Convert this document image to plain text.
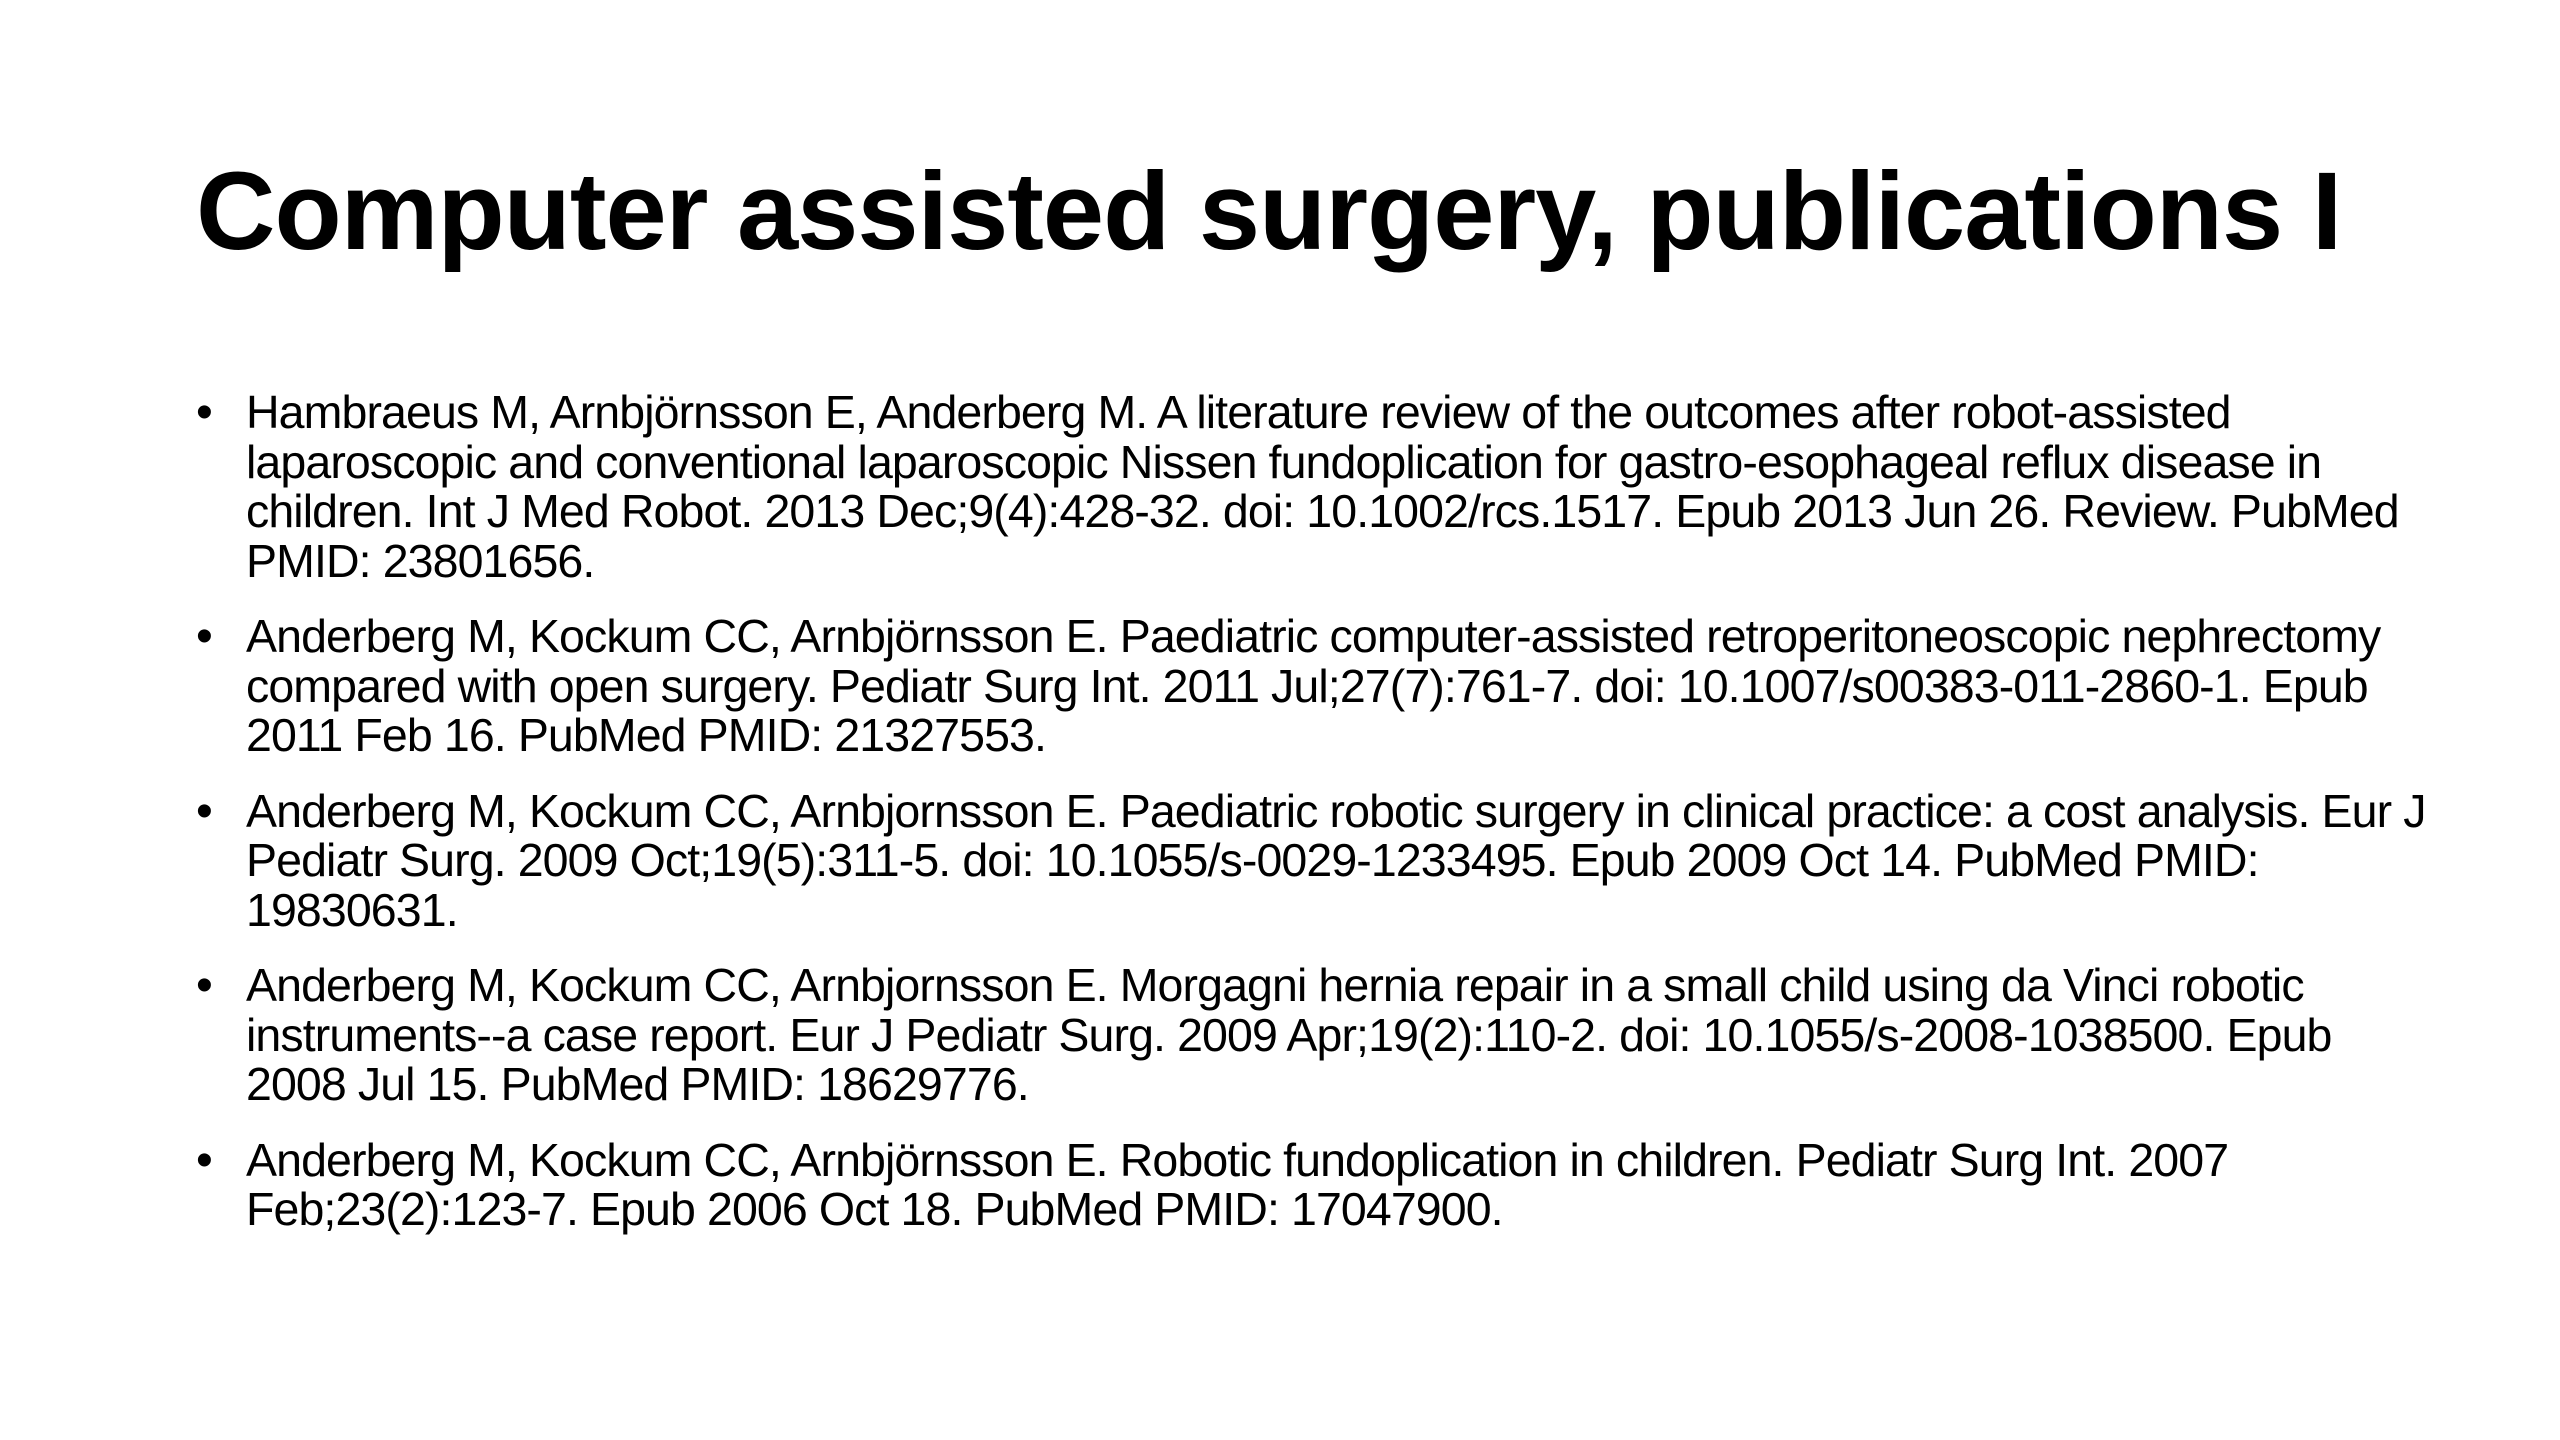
Computer assisted surgery, publications I
• Hambraeus M, Arnbjörnsson E, Anderberg M. A literature review of the outcomes after robot-assisted laparoscopic and conventional laparoscopic Nissen fundoplication for gastro-esophageal reflux disease in children. Int J Med Robot. 2013 Dec;9(4):428-32. doi: 10.1002/rcs.1517. Epub 2013 Jun 26. Review. PubMed PMID: 23801656.
• Anderberg M, Kockum CC, Arnbjörnsson E. Paediatric computer-assisted retroperitoneoscopic nephrectomy compared with open surgery. Pediatr Surg Int. 2011 Jul;27(7):761-7. doi: 10.1007/s00383-011-2860-1. Epub 2011 Feb 16. PubMed PMID: 21327553.
• Anderberg M, Kockum CC, Arnbjornsson E. Paediatric robotic surgery in clinical practice: a cost analysis. Eur J Pediatr Surg. 2009 Oct;19(5):311-5. doi: 10.1055/s-0029-1233495. Epub 2009 Oct 14. PubMed PMID: 19830631.
• Anderberg M, Kockum CC, Arnbjornsson E. Morgagni hernia repair in a small child using da Vinci robotic instruments--a case report. Eur J Pediatr Surg. 2009 Apr;19(2):110-2. doi: 10.1055/s-2008-1038500. Epub 2008 Jul 15. PubMed PMID: 18629776.
• Anderberg M, Kockum CC, Arnbjörnsson E. Robotic fundoplication in children. Pediatr Surg Int. 2007 Feb;23(2):123-7. Epub 2006 Oct 18. PubMed PMID: 17047900.
